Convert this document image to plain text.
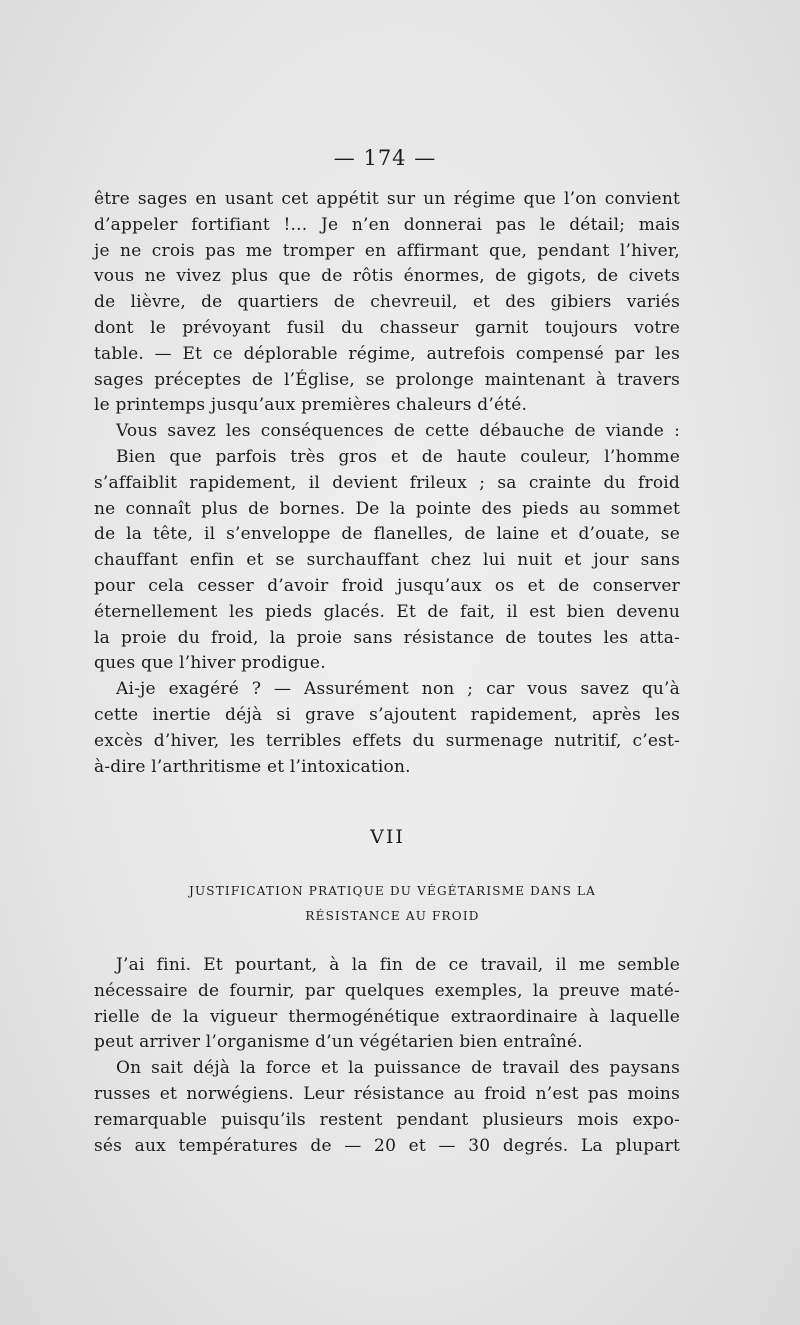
— 174 —
être sages en usant cet appétit sur un régime que l’on convient
d’appeler fortifiant !... Je n’en donnerai pas le détail; mais
je ne crois pas me tromper en affirmant que, pendant l’hiver,
vous ne vivez plus que de rôtis énormes, de gigots, de civets
de lièvre, de quartiers de chevreuil, et des gibiers variés
dont le prévoyant fusil du chasseur garnit toujours votre
table. — Et ce déplorable régime, autrefois compensé par les
sages préceptes de l’Église, se prolonge maintenant à travers
le printemps jusqu’aux premières chaleurs d’été.
Vous savez les conséquences de cette débauche de viande :
Bien que parfois très gros et de haute couleur, l’homme
s’affaiblit rapidement, il devient frileux ; sa crainte du froid
ne connaît plus de bornes. De la pointe des pieds au sommet
de la tête, il s’enveloppe de flanelles, de laine et d’ouate, se
chauffant enfin et se surchauffant chez lui nuit et jour sans
pour cela cesser d’avoir froid jusqu’aux os et de conserver
éternellement les pieds glacés. Et de fait, il est bien devenu
la proie du froid, la proie sans résistance de toutes les atta-
ques que l’hiver prodigue.
Ai-je exagéré ? — Assurément non ; car vous savez qu’à
cette inertie déjà si grave s’ajoutent rapidement, après les
excès d’hiver, les terribles effets du surmenage nutritif, c’est-
à-dire l’arthritisme et l’intoxication.
VII
JUSTIFICATION PRATIQUE DU VÉGÉTARISME DANS LA
RÉSISTANCE AU FROID
J’ai fini. Et pourtant, à la fin de ce travail, il me semble
nécessaire de fournir, par quelques exemples, la preuve maté-
rielle de la vigueur thermogénétique extraordinaire à laquelle
peut arriver l’organisme d’un végétarien bien entraîné.
On sait déjà la force et la puissance de travail des paysans
russes et norwégiens. Leur résistance au froid n’est pas moins
remarquable puisqu’ils restent pendant plusieurs mois expo-
sés aux températures de — 20 et — 30 degrés. La plupart
